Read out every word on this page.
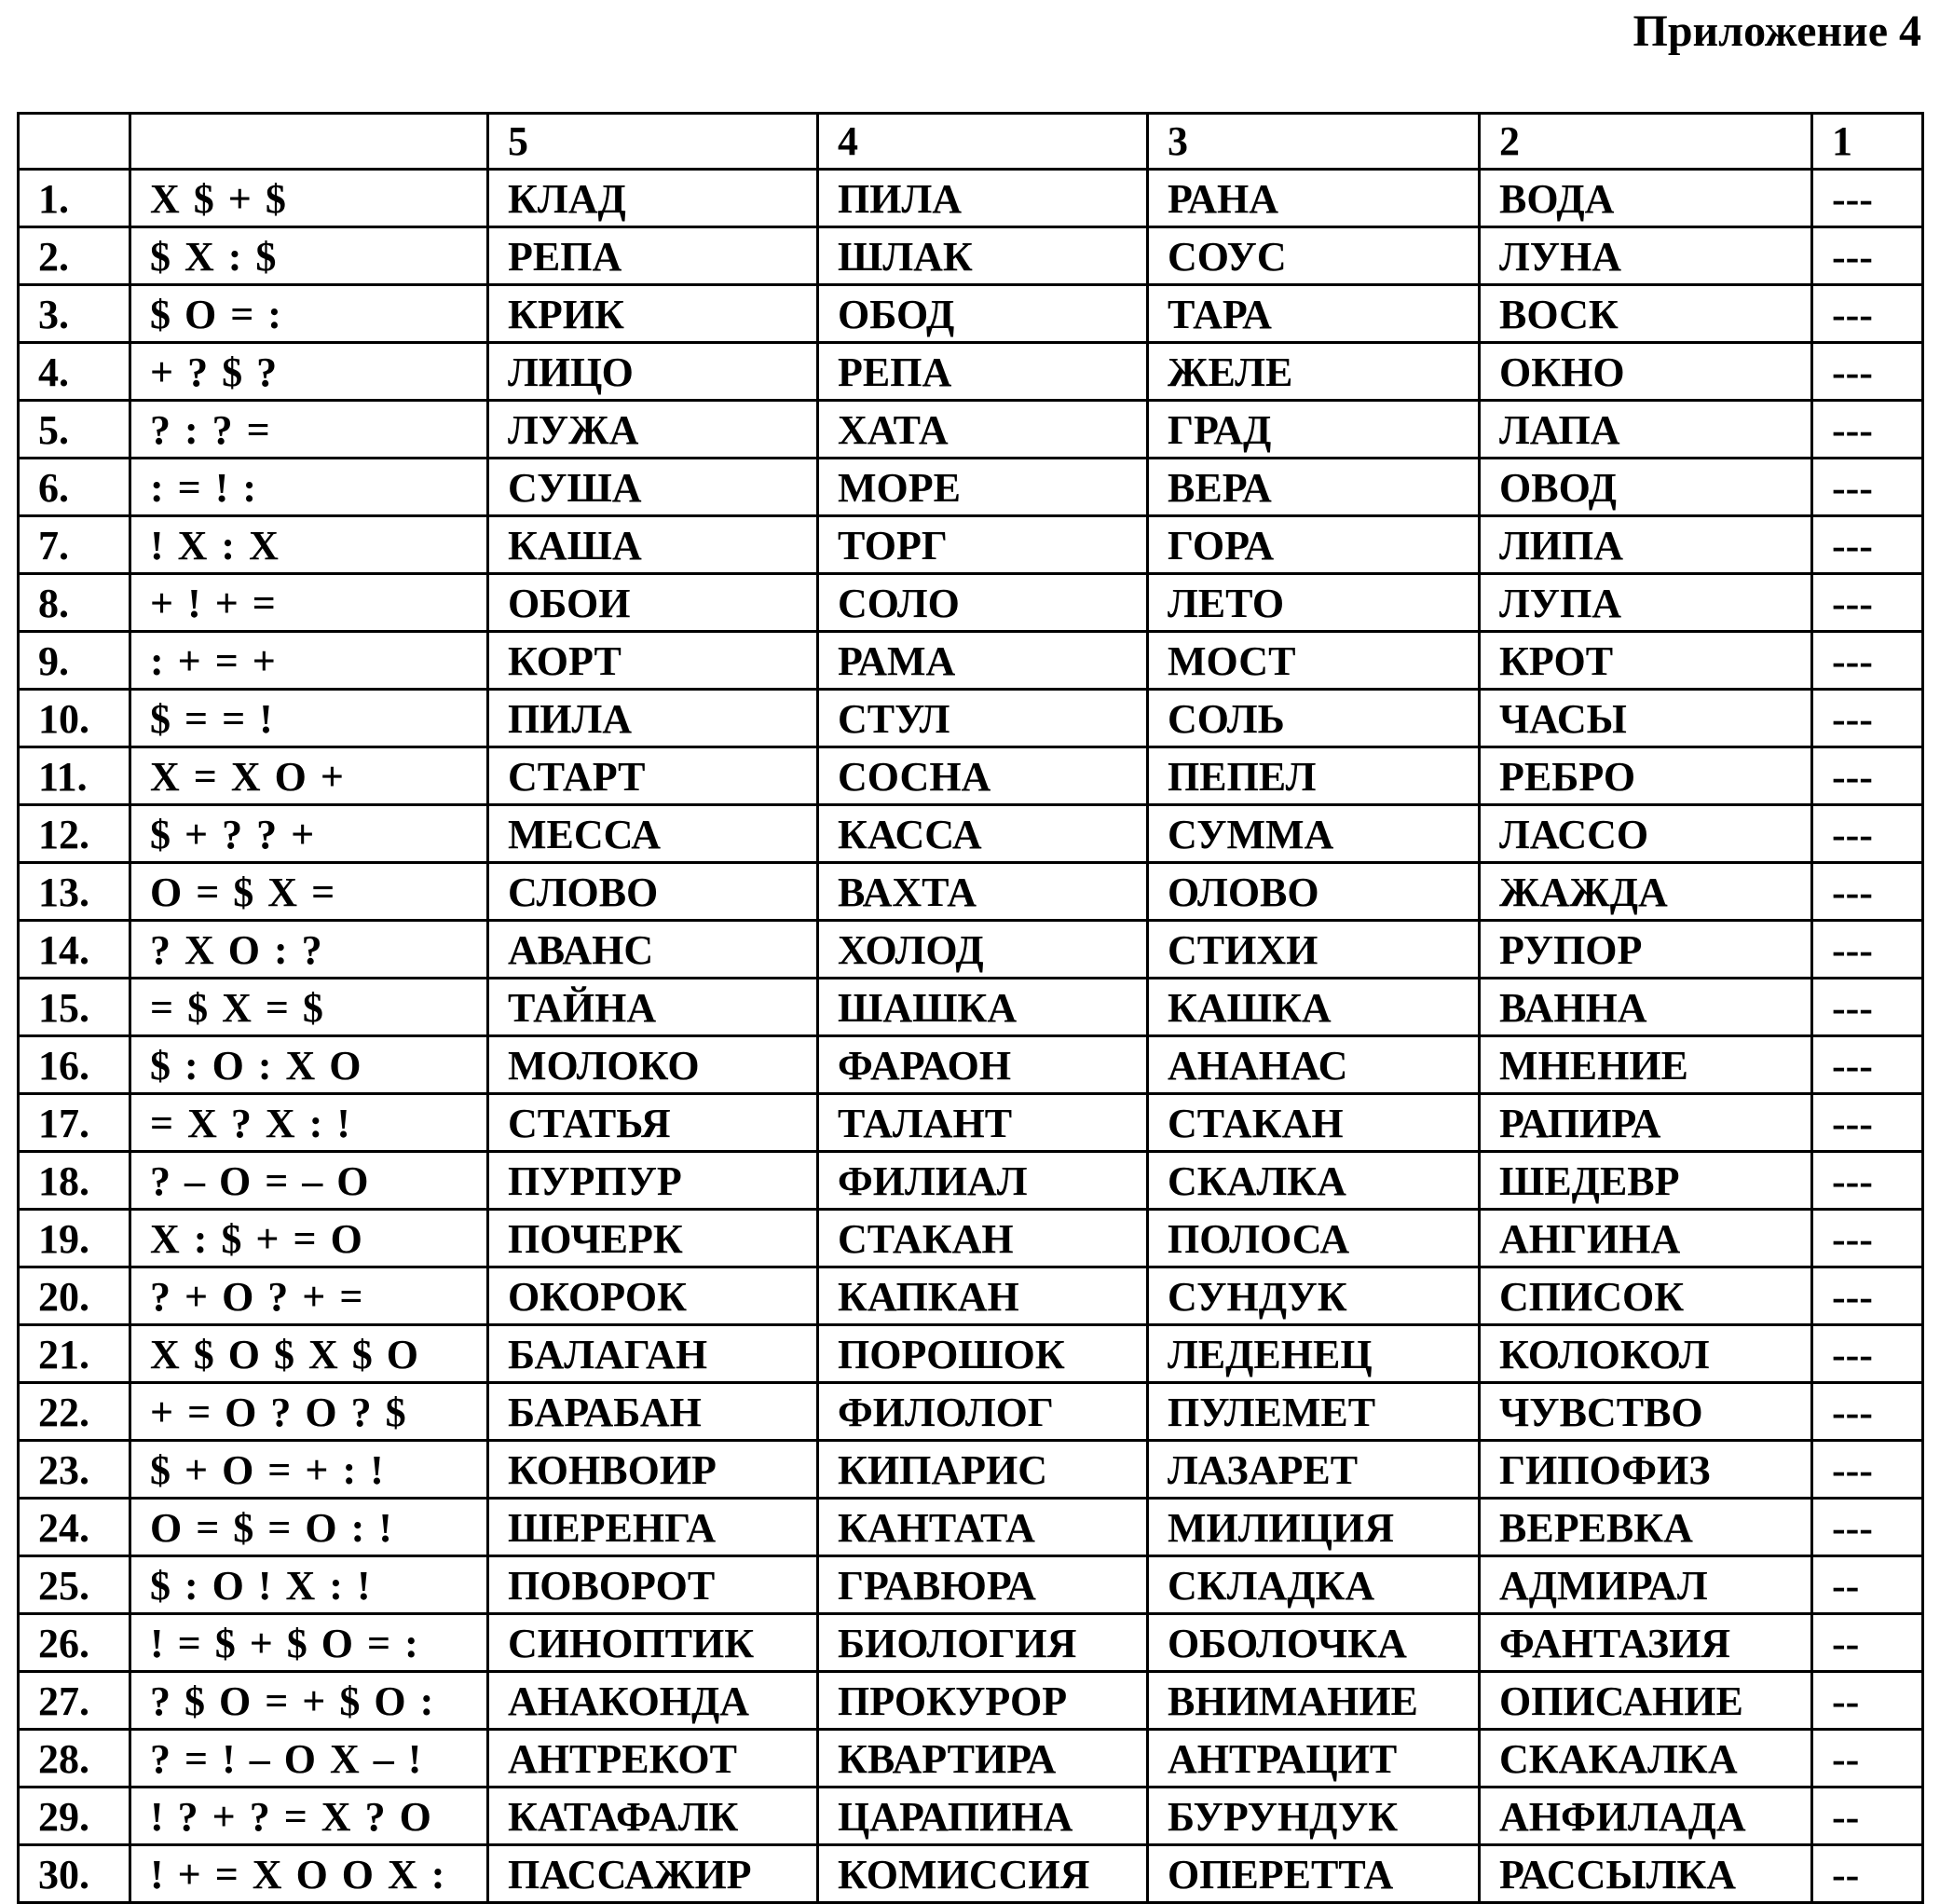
Приложение 4
		5	4	3	2	1
1.	X $ + $	КЛАД	ПИЛА	РАНА	ВОДА	---
2.	$ X : $	РЕПА	ШЛАК	СОУС	ЛУНА	---
3.	$ O = :	КРИК	ОБОД	ТАРА	ВОСК	---
4.	+ ? $ ?	ЛИЦО	РЕПА	ЖЕЛЕ	ОКНО	---
5.	? : ? =	ЛУЖА	ХАТА	ГРАД	ЛАПА	---
6.	: = ! :	СУША	МОРЕ	ВЕРА	ОВОД	---
7.	! X : X	КАША	ТОРГ	ГОРА	ЛИПА	---
8.	+ ! + =	ОБОИ	СОЛО	ЛЕТО	ЛУПА	---
9.	: + = +	КОРТ	РАМА	МОСТ	КРОТ	---
10.	$ = = !	ПИЛА	СТУЛ	СОЛЬ	ЧАСЫ	---
11.	X = X O +	СТАРТ	СОСНА	ПЕПЕЛ	РЕБРО	---
12.	$ + ? ? +	МЕССА	КАССА	СУММА	ЛАССО	---
13.	O = $ X =	СЛОВО	ВАХТА	ОЛОВО	ЖАЖДА	---
14.	? X O : ?	АВАНС	ХОЛОД	СТИХИ	РУПОР	---
15.	= $ X = $	ТАЙНА	ШАШКА	КАШКА	ВАННА	---
16.	$ : O : X O	МОЛОКО	ФАРАОН	АНАНАС	МНЕНИЕ	---
17.	= X ? X : !	СТАТЬЯ	ТАЛАНТ	СТАКАН	РАПИРА	---
18.	? – O = – O	ПУРПУР	ФИЛИАЛ	СКАЛКА	ШЕДЕВР	---
19.	X : $ + = O	ПОЧЕРК	СТАКАН	ПОЛОСА	АНГИНА	---
20.	? + O ? + =	ОКОРОК	КАПКАН	СУНДУК	СПИСОК	---
21.	X $ O $ X $ O	БАЛАГАН	ПОРОШОК	ЛЕДЕНЕЦ	КОЛОКОЛ	---
22.	+ = O ? O ? $	БАРАБАН	ФИЛОЛОГ	ПУЛЕМЕТ	ЧУВСТВО	---
23.	$ + O = + : !	КОНВОИР	КИПАРИС	ЛАЗАРЕТ	ГИПОФИЗ	---
24.	O = $ = O : !	ШЕРЕНГА	КАНТАТА	МИЛИЦИЯ	ВЕРЕВКА	---
25.	$ : O ! X : !	ПОВОРОТ	ГРАВЮРА	СКЛАДКА	АДМИРАЛ	--
26.	! = $ + $ O = :	СИНОПТИК	БИОЛОГИЯ	ОБОЛОЧКА	ФАНТАЗИЯ	--
27.	? $ O = + $ O :	АНАКОНДА	ПРОКУРОР	ВНИМАНИЕ	ОПИСАНИЕ	--
28.	? = ! – O X – !	АНТРЕКОТ	КВАРТИРА	АНТРАЦИТ	СКАКАЛКА	--
29.	! ? + ? = X ? O	КАТАФАЛК	ЦАРАПИНА	БУРУНДУК	АНФИЛАДА	--
30.	! + = X O O X :	ПАССАЖИР	КОМИССИЯ	ОПЕРЕТТА	РАССЫЛКА	--
